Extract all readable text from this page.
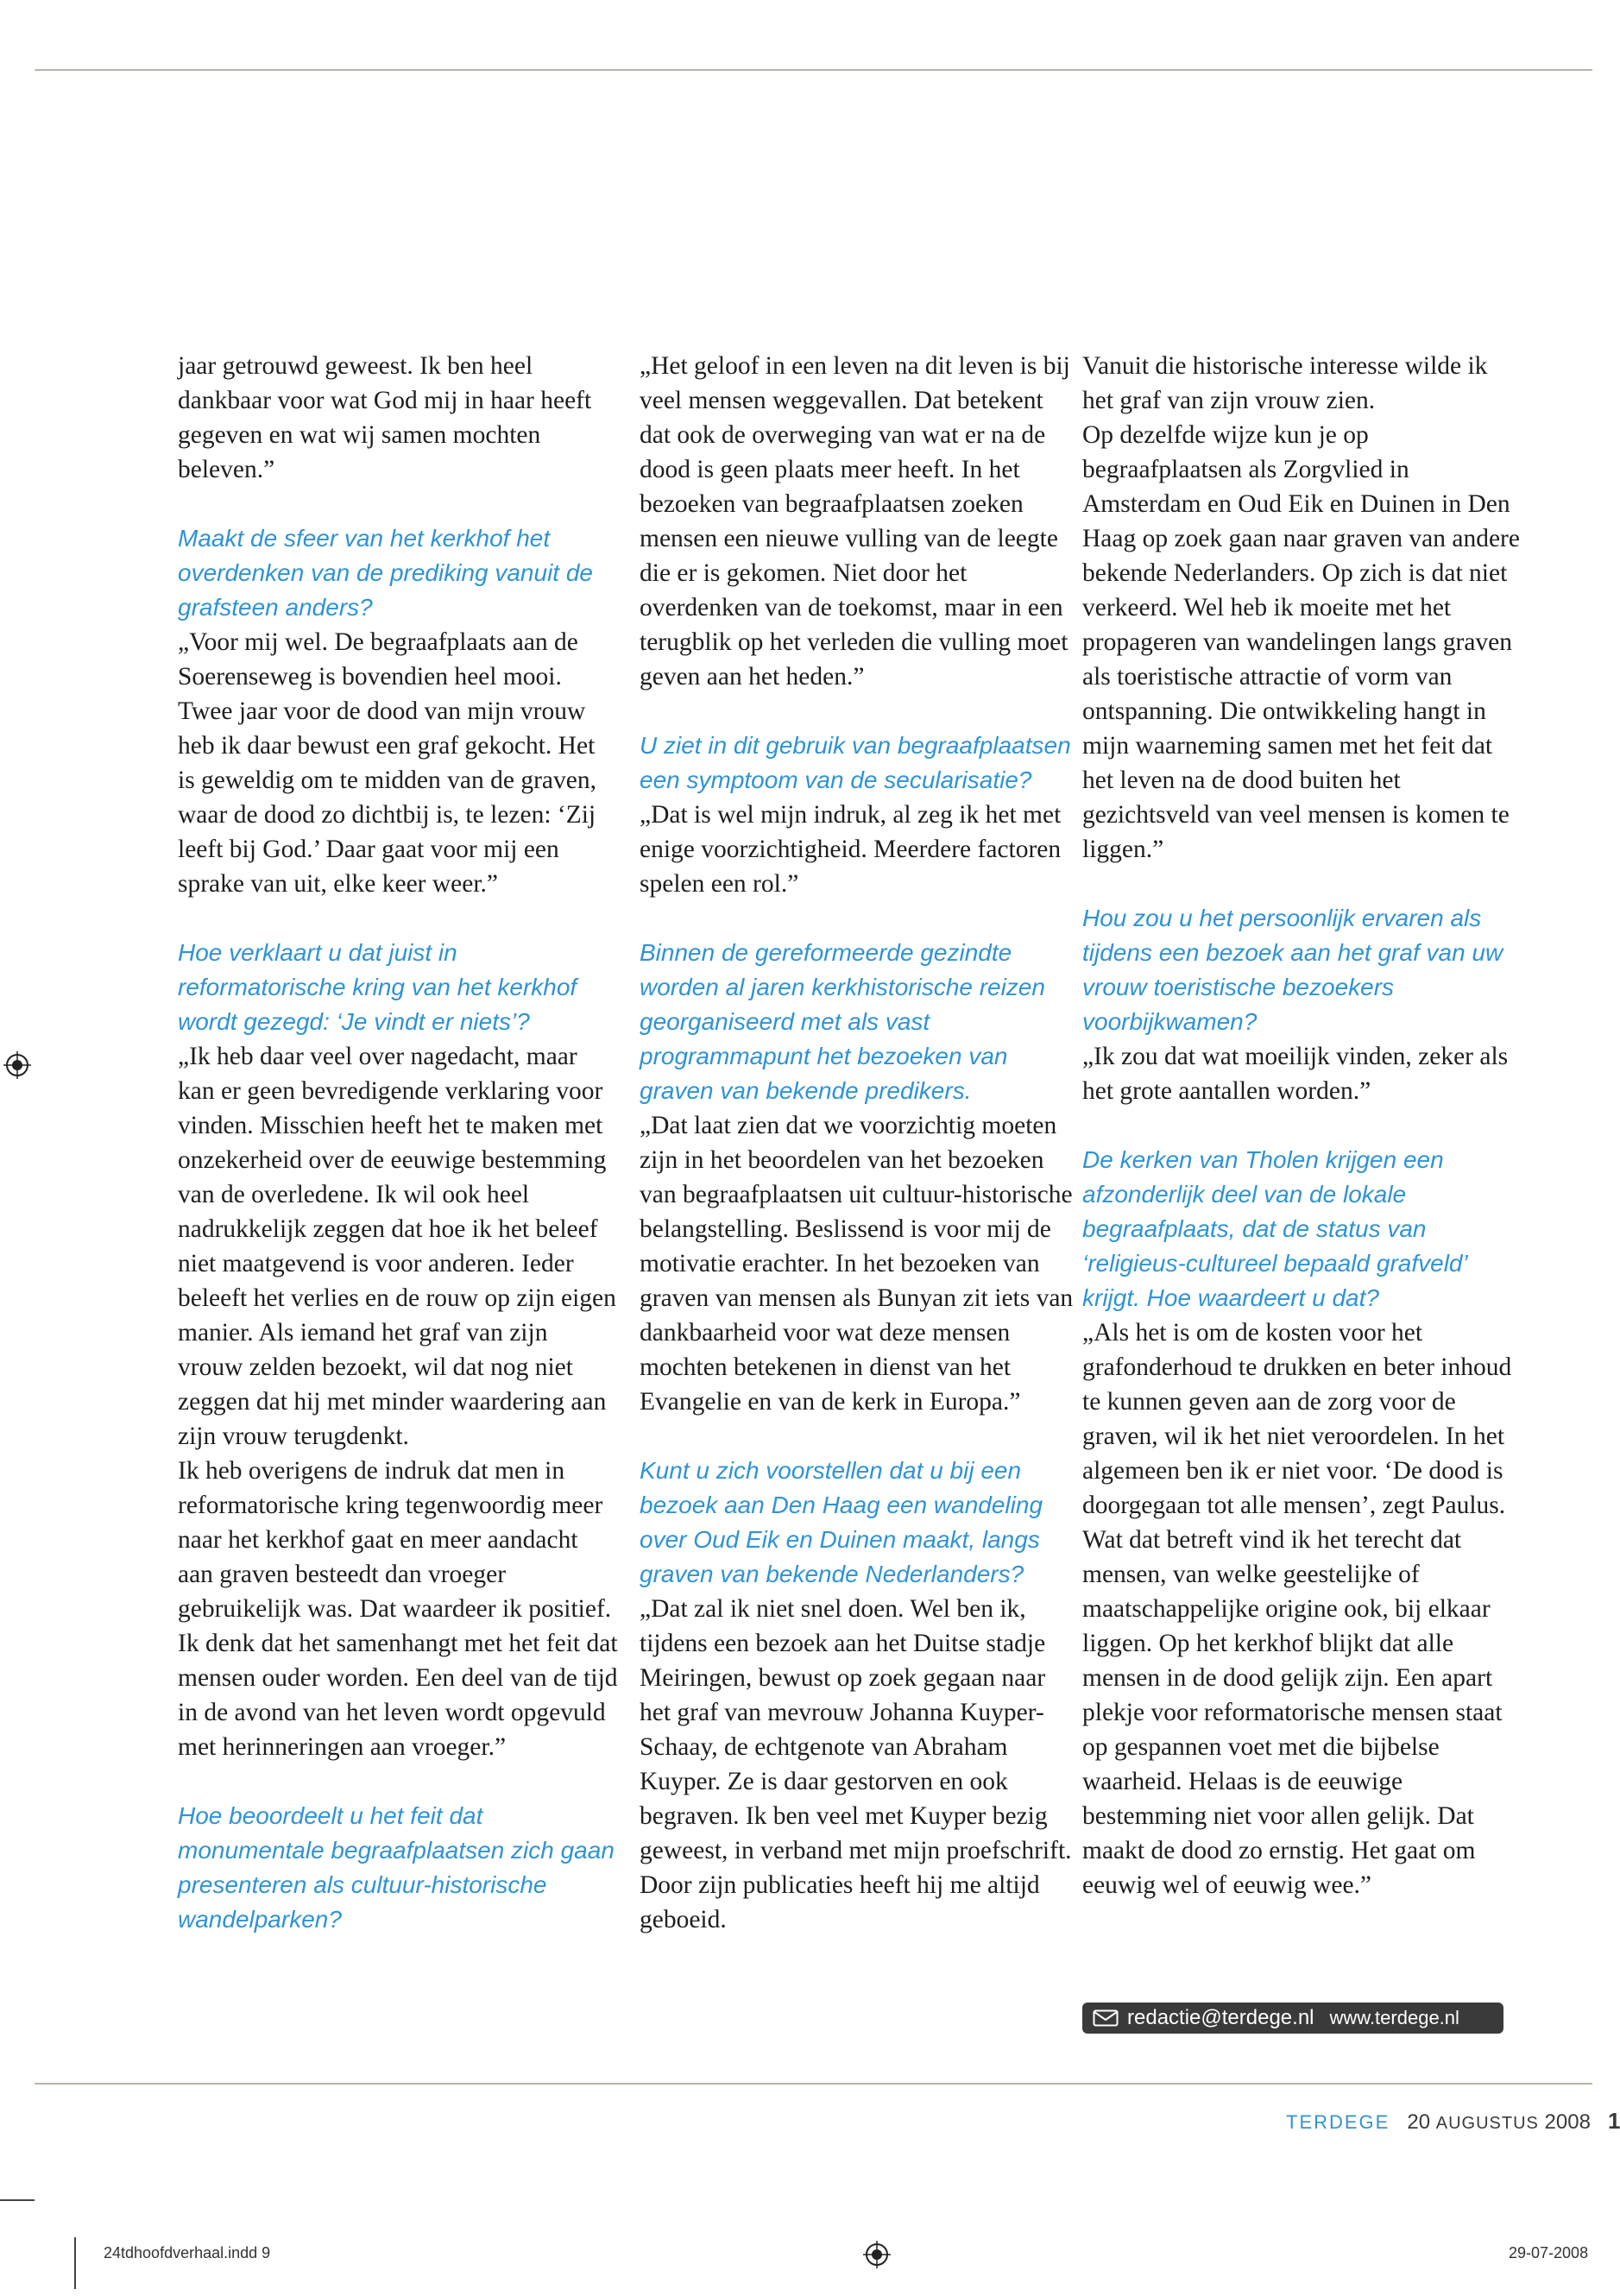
jaar getrouwd geweest. Ik ben heel dankbaar voor wat God mij in haar heeft gegeven en wat wij samen mochten beleven.”

Maakt de sfeer van het kerkhof het overdenken van de prediking vanuit de grafsteen anders?

„Voor mij wel. De begraafplaats aan de Soerenseweg is bovendien heel mooi. Twee jaar voor de dood van mijn vrouw heb ik daar bewust een graf gekocht. Het is geweldig om te midden van de graven, waar de dood zo dichtbij is, te lezen: ‘Zij leeft bij God.’ Daar gaat voor mij een sprake van uit, elke keer weer.”

Hoe verklaart u dat juist in reformatorische kring van het kerkhof wordt gezegd: ‘Je vindt er niets’?

„Ik heb daar veel over nagedacht, maar kan er geen bevredigende verklaring voor vinden. Misschien heeft het te maken met onzekerheid over de eeuwige bestemming van de overledene. Ik wil ook heel nadrukkelijk zeggen dat hoe ik het beleef niet maatgevend is voor anderen. Ieder beleeft het verlies en de rouw op zijn eigen manier. Als iemand het graf van zijn vrouw zelden bezoekt, wil dat nog niet zeggen dat hij met minder waardering aan zijn vrouw terugdenkt.

Ik heb overigens de indruk dat men in reformatorische kring tegenwoordig meer naar het kerkhof gaat en meer aandacht aan graven besteedt dan vroeger gebruikelijk was. Dat waardeer ik positief. Ik denk dat het samenhangt met het feit dat mensen ouder worden. Een deel van de tijd in de avond van het leven wordt opgevuld met herinneringen aan vroeger.”

Hoe beoordeelt u het feit dat monumentale begraafplaatsen zich gaan presenteren als cultuur-historische wandelparken?

„Het geloof in een leven na dit leven is bij veel mensen weggevallen. Dat betekent dat ook de overweging van wat er na de dood is geen plaats meer heeft. In het bezoeken van begraafplaatsen zoeken mensen een nieuwe vulling van de leegte die er is gekomen. Niet door het overdenken van de toekomst, maar in een terugblik op het verleden die vulling moet geven aan het heden.”

U ziet in dit gebruik van begraafplaatsen een symptoom van de secularisatie?

„Dat is wel mijn indruk, al zeg ik het met enige voorzichtigheid. Meerdere factoren spelen een rol.”

Binnen de gereformeerde gezindte worden al jaren kerkhistorische reizen georganiseerd met als vast programmapunt het bezoeken van graven van bekende predikers.

„Dat laat zien dat we voorzichtig moeten zijn in het beoordelen van het bezoeken van begraafplaatsen uit cultuur-historische belangstelling. Beslissend is voor mij de motivatie erachter. In het bezoeken van graven van mensen als Bunyan zit iets van dankbaarheid voor wat deze mensen mochten betekenen in dienst van het Evangelie en van de kerk in Europa.”

Kunt u zich voorstellen dat u bij een bezoek aan Den Haag een wandeling over Oud Eik en Duinen maakt, langs graven van bekende Nederlanders?

„Dat zal ik niet snel doen. Wel ben ik, tijdens een bezoek aan het Duitse stadje Meiringen, bewust op zoek gegaan naar het graf van mevrouw Johanna Kuyper-Schaay, de echtgenote van Abraham Kuyper. Ze is daar gestorven en ook begraven. Ik ben veel met Kuyper bezig geweest, in verband met mijn proefschrift. Door zijn publicaties heeft hij me altijd geboeid.

Vanuit die historische interesse wilde ik het graf van zijn vrouw zien.

Op dezelfde wijze kun je op begraafplaatsen als Zorgvlied in Amsterdam en Oud Eik en Duinen in Den Haag op zoek gaan naar graven van andere bekende Nederlanders. Op zich is dat niet verkeerd. Wel heb ik moeite met het propageren van wandelingen langs graven als toeristische attractie of vorm van ontspanning. Die ontwikkeling hangt in mijn waarneming samen met het feit dat het leven na de dood buiten het gezichtsveld van veel mensen is komen te liggen.”

Hou zou u het persoonlijk ervaren als tijdens een bezoek aan het graf van uw vrouw toeristische bezoekers voorbijkwamen?

„Ik zou dat wat moeilijk vinden, zeker als het grote aantallen worden.”

De kerken van Tholen krijgen een afzonderlijk deel van de lokale begraafplaats, dat de status van ‘religieus-cultureel bepaald grafveld’ krijgt. Hoe waardeert u dat?

„Als het is om de kosten voor het grafonderhoud te drukken en beter inhoud te kunnen geven aan de zorg voor de graven, wil ik het niet veroordelen. In het algemeen ben ik er niet voor. ‘De dood is doorgegaan tot alle mensen’, zegt Paulus. Wat dat betreft vind ik het terecht dat mensen, van welke geestelijke of maatschappelijke origine ook, bij elkaar liggen. Op het kerkhof blijkt dat alle mensen in de dood gelijk zijn. Een apart plekje voor reformatorische mensen staat op gespannen voet met die bijbelse waarheid. Helaas is de eeuwige bestemming niet voor allen gelijk. Dat maakt de dood zo ernstig. Het gaat om eeuwig wel of eeuwig wee.”

redactie@terdege.nl www.terdege.nl
TERDEGE 20 AUGUSTUS 2008 1
24tdhoofdverhaal.indd 9	29-07-2008
